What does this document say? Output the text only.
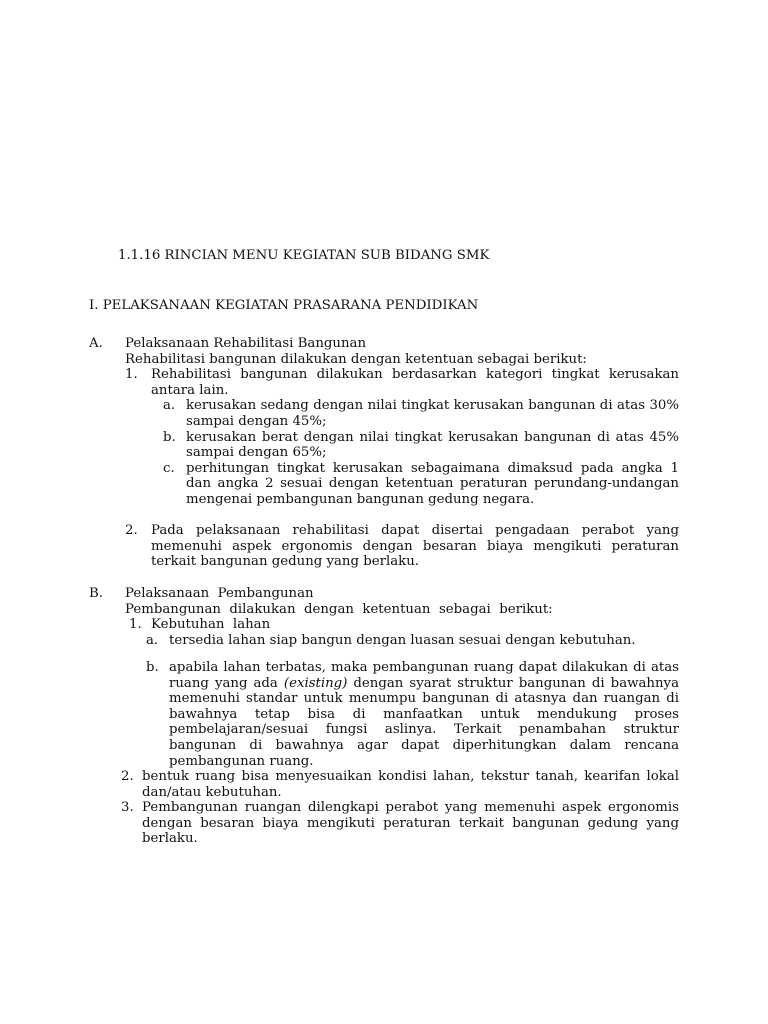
1.1.16 RINCIAN MENU KEGIATAN SUB BIDANG SMK
I. PELAKSANAAN KEGIATAN PRASARANA PENDIDIKAN
A. Pelaksanaan Rehabilitasi Bangunan
Rehabilitasi bangunan dilakukan dengan ketentuan sebagai berikut:
1. Rehabilitasi bangunan dilakukan berdasarkan kategori tingkat kerusakan antara lain.
a. kerusakan sedang dengan nilai tingkat kerusakan bangunan di atas 30% sampai dengan 45%;
b. kerusakan berat dengan nilai tingkat kerusakan bangunan di atas 45% sampai dengan 65%;
c. perhitungan tingkat kerusakan sebagaimana dimaksud pada angka 1 dan angka 2 sesuai dengan ketentuan peraturan perundang-undangan mengenai pembangunan bangunan gedung negara.
2. Pada pelaksanaan rehabilitasi dapat disertai pengadaan perabot yang memenuhi aspek ergonomis dengan besaran biaya mengikuti peraturan terkait bangunan gedung yang berlaku.
B. Pelaksanaan  Pembangunan
Pembangunan  dilakukan  dengan  ketentuan  sebagai  berikut:
1. Kebutuhan  lahan
a. tersedia lahan siap bangun dengan luasan sesuai dengan kebutuhan.
b. apabila lahan terbatas, maka pembangunan ruang dapat dilakukan di atas ruang yang ada (existing) dengan syarat struktur bangunan di bawahnya memenuhi standar untuk menumpu bangunan di atasnya dan ruangan di bawahnya tetap bisa di manfaatkan untuk mendukung proses pembelajaran/sesuai fungsi aslinya. Terkait penambahan struktur bangunan di bawahnya agar dapat diperhitungkan dalam rencana pembangunan ruang.
2. bentuk ruang bisa menyesuaikan kondisi lahan, tekstur tanah, kearifan lokal dan/atau kebutuhan.
3. Pembangunan ruangan dilengkapi perabot yang memenuhi aspek ergonomis dengan besaran biaya mengikuti peraturan terkait bangunan gedung yang berlaku.
